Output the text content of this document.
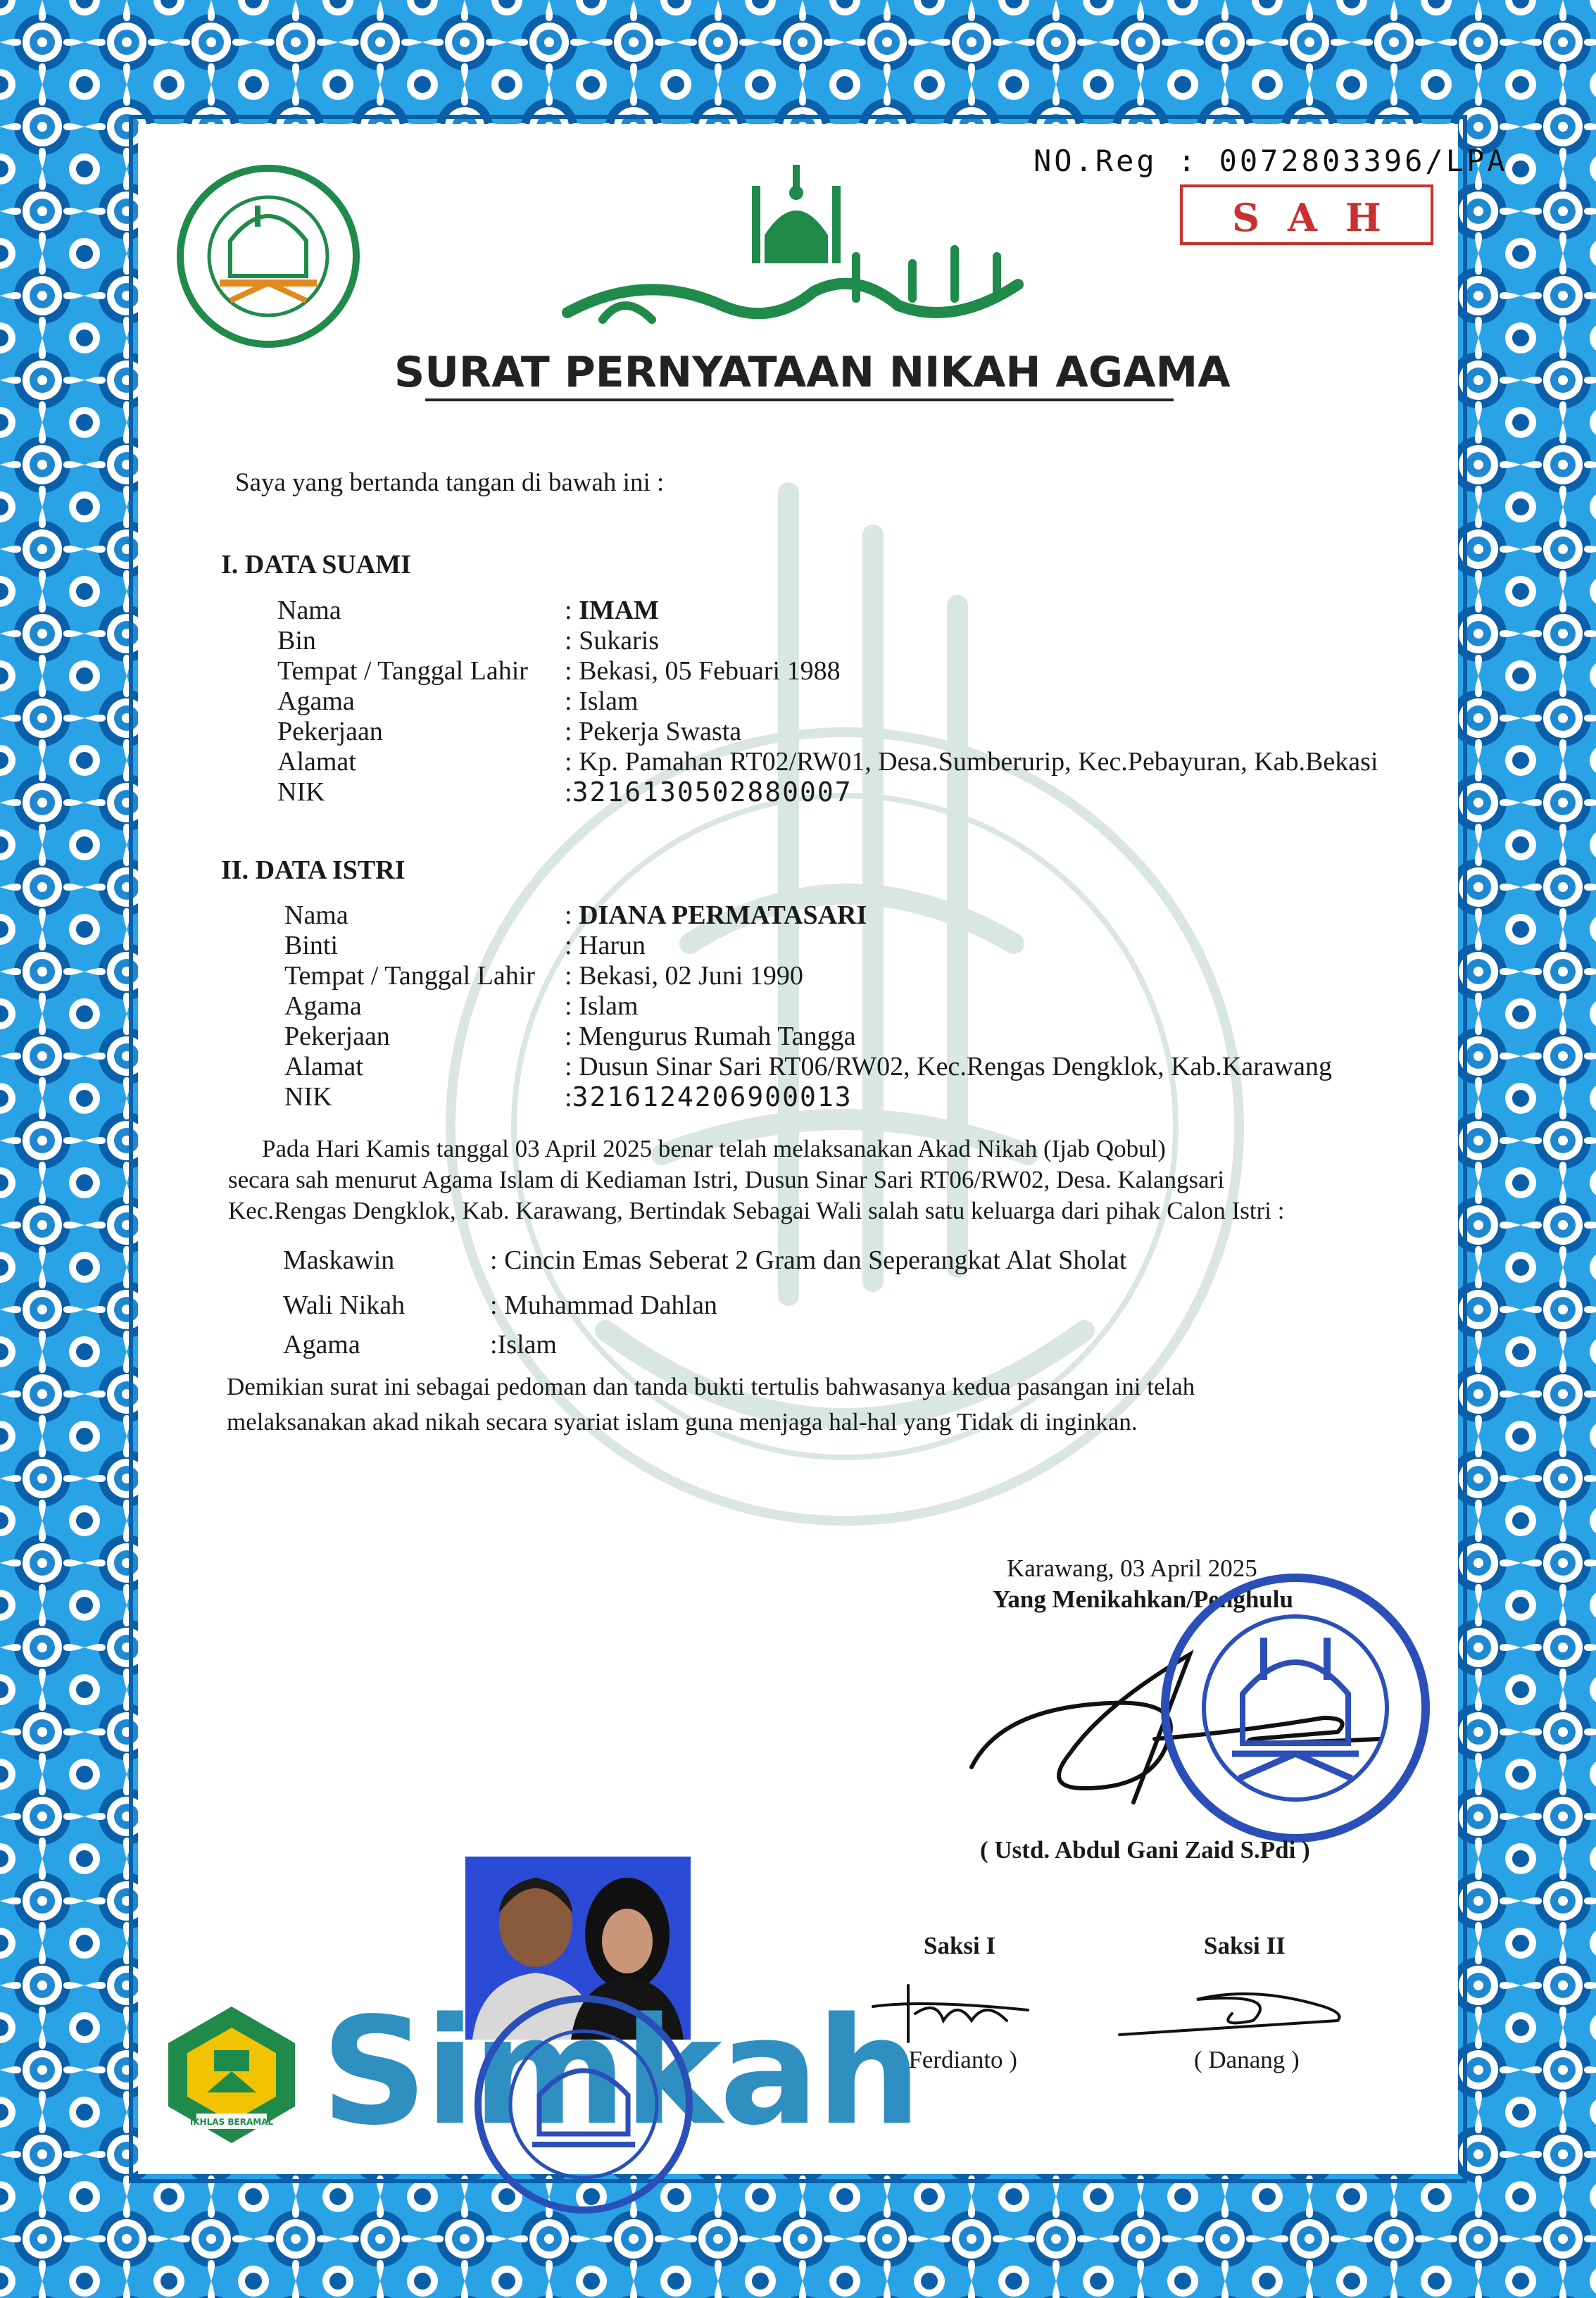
NO.Reg : 0072803396/LPA
SAH
SURAT PERNYATAAN NIKAH AGAMA
Saya yang bertanda tangan di bawah ini :
I. DATA SUAMI
Nama	: IMAM
Bin	: Sukaris
Tempat / Tanggal Lahir : Bekasi, 05 Febuari 1988
Agama	: Islam
Pekerjaan	: Pekerja Swasta
Alamat	: Kp. Pamahan RT02/RW01, Desa.Sumberurip, Kec.Pebayuran, Kab.Bekasi
NIK	:3216130502880007
II. DATA ISTRI
Nama	: DIANA PERMATASARI
Binti	: Harun
Tempat / Tanggal Lahir : Bekasi, 02 Juni 1990
Agama	: Islam
Pekerjaan	: Mengurus Rumah Tangga
Alamat	: Dusun Sinar Sari RT06/RW02, Kec.Rengas Dengklok, Kab.Karawang
NIK	:3216124206900013
Pada Hari Kamis tanggal 03 April 2025 benar telah melaksanakan Akad Nikah (Ijab Qobul)
secara sah menurut Agama Islam di Kediaman Istri, Dusun Sinar Sari RT06/RW02, Desa. Kalangsari
Kec.Rengas Dengklok, Kab. Karawang, Bertindak Sebagai Wali salah satu keluarga dari pihak Calon Istri :
Maskawin	: Cincin Emas Seberat 2 Gram dan Seperangkat Alat Sholat
Wali Nikah	: Muhammad Dahlan
Agama	:Islam
Demikian surat ini sebagai pedoman dan tanda bukti tertulis bahwasanya kedua pasangan ini telah
melaksanakan akad nikah secara syariat islam guna menjaga hal-hal yang Tidak di inginkan.
Karawang, 03 April 2025
Yang Menikahkan/Penghulu
( Ustd. Abdul Gani Zaid S.Pdi )
Saksi I	Saksi II
( Ferdianto )	( Danang )
IKHLAS BERAMAL Simkah
